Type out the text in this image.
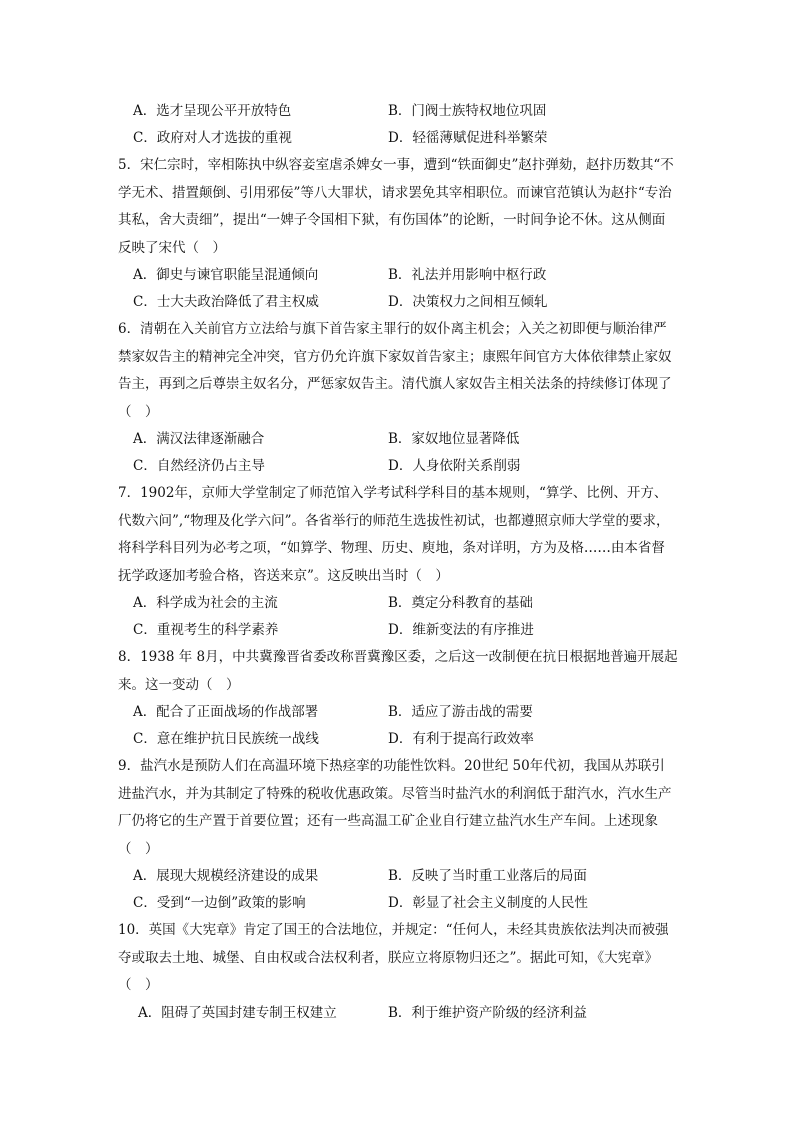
A．选才呈现公平开放特色	B．门阀士族特权地位巩固
C．政府对人才选拔的重视	D．轻徭薄赋促进科举繁荣
5．宋仁宗时，宰相陈执中纵容妾室虐杀婢女一事，遭到“铁面御史”赵抃弹劾，赵抃历数其“不
学无术、措置颠倒、引用邪佞”等八大罪状，请求罢免其宰相职位。而谏官范镇认为赵抃“专治
其私，舍大责细”，提出“一婢子令国相下狱，有伤国体”的论断，一时间争论不休。这从侧面
反映了宋代（　）
A．御史与谏官职能呈混通倾向	B．礼法并用影响中枢行政
C．士大夫政治降低了君主权威	D．决策权力之间相互倾轧
6．清朝在入关前官方立法给与旗下首告家主罪行的奴仆离主机会；入关之初即便与顺治律严
禁家奴告主的精神完全冲突，官方仍允许旗下家奴首告家主；康熙年间官方大体依律禁止家奴
告主，再到之后尊崇主奴名分，严惩家奴告主。清代旗人家奴告主相关法条的持续修订体现了
（　）
A．满汉法律逐渐融合	B．家奴地位显著降低
C．自然经济仍占主导	D．人身依附关系削弱
7．1902年，京师大学堂制定了师范馆入学考试科学科目的基本规则，“算学、比例、开方、
代数六问”,“物理及化学六问”。各省举行的师范生选拔性初试，也都遵照京师大学堂的要求，
将科学科目列为必考之项，“如算学、物理、历史、庾地，条对详明，方为及格……由本省督
抚学政逐加考验合格，咨送来京”。这反映出当时（　）
A．科学成为社会的主流	B．奠定分科教育的基础
C．重视考生的科学素养	D．维新变法的有序推进
8．1938 年 8月，中共冀豫晋省委改称晋冀豫区委，之后这一改制便在抗日根据地普遍开展起
来。这一变动（　）
A．配合了正面战场的作战部署	B．适应了游击战的需要
C．意在维护抗日民族统一战线	D．有利于提高行政效率
9．盐汽水是预防人们在高温环境下热痉挛的功能性饮料。20世纪 50年代初，我国从苏联引
进盐汽水，并为其制定了特殊的税收优惠政策。尽管当时盐汽水的利润低于甜汽水，汽水生产
厂仍将它的生产置于首要位置；还有一些高温工矿企业自行建立盐汽水生产车间。上述现象
（　）
A．展现大规模经济建设的成果	B．反映了当时重工业落后的局面
C．受到“一边倒”政策的影响	D．彰显了社会主义制度的人民性
10．英国《大宪章》肯定了国王的合法地位，并规定：“任何人，未经其贵族依法判决而被强
夺或取去土地、城堡、自由权或合法权利者，朕应立将原物归还之”。据此可知，《大宪章》
（　）
A．阻碍了英国封建专制王权建立	B．利于维护资产阶级的经济利益
